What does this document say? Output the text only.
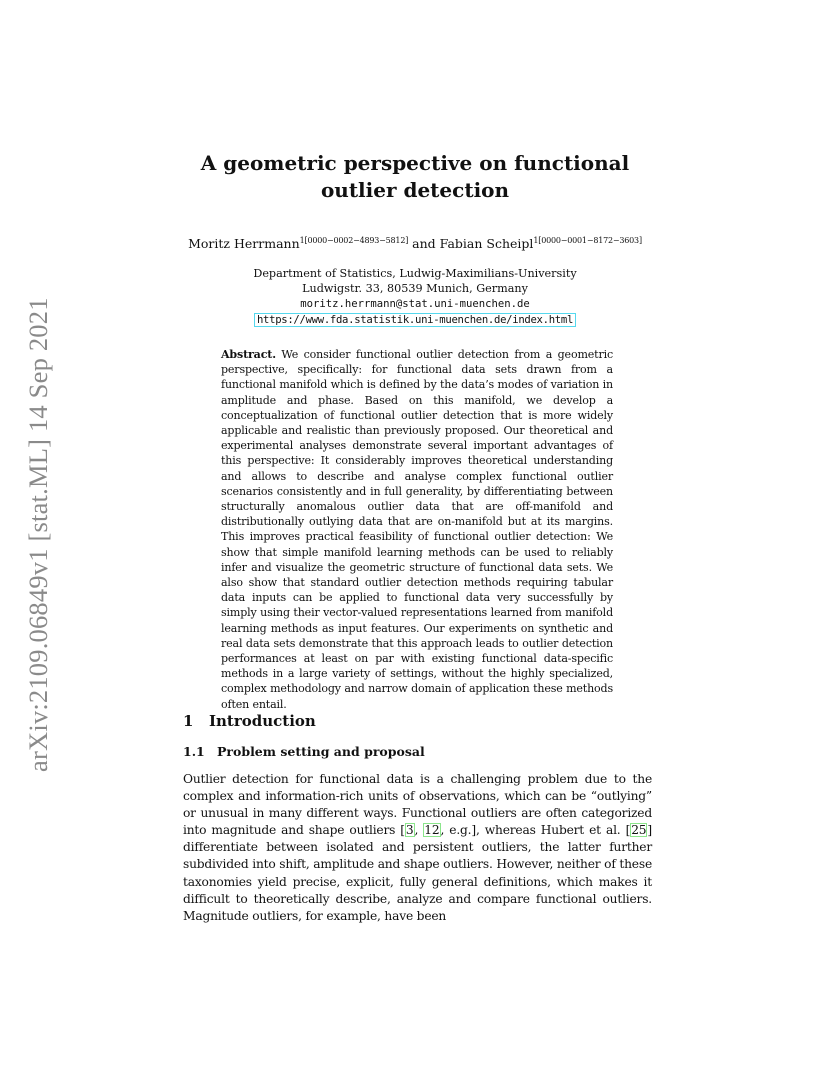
arXiv:2109.06849v1 [stat.ML] 14 Sep 2021
A geometric perspective on functional outlier detection
Moritz Herrmann$^{1[0000-0002-4893-5812]}$ and Fabian Scheipl$^{1[0000-0001-8172-3603]}$
Department of Statistics, Ludwig-Maximilians-University
Ludwigstr. 33, 80539 Munich, Germany
moritz.herrmann@stat.uni-muenchen.de
https://www.fda.statistik.uni-muenchen.de/index.html
Abstract. We consider functional outlier detection from a geometric perspective, specifically: for functional data sets drawn from a functional manifold which is defined by the data’s modes of variation in amplitude and phase. Based on this manifold, we develop a conceptualization of functional outlier detection that is more widely applicable and realistic than previously proposed. Our theoretical and experimental analyses demonstrate several important advantages of this perspective: It considerably improves theoretical understanding and allows to describe and analyse complex functional outlier scenarios consistently and in full generality, by differentiating between structurally anomalous outlier data that are off-manifold and distributionally outlying data that are on-manifold but at its margins. This improves practical feasibility of functional outlier detection: We show that simple manifold learning methods can be used to reliably infer and visualize the geometric structure of functional data sets. We also show that standard outlier detection methods requiring tabular data inputs can be applied to functional data very successfully by simply using their vector-valued representations learned from manifold learning methods as input features. Our experiments on synthetic and real data sets demonstrate that this approach leads to outlier detection performances at least on par with existing functional data-specific methods in a large variety of settings, without the highly specialized, complex methodology and narrow domain of application these methods often entail.
1 Introduction
1.1 Problem setting and proposal
Outlier detection for functional data is a challenging problem due to the complex and information-rich units of observations, which can be “outlying” or unusual in many different ways. Functional outliers are often categorized into magnitude and shape outliers [3, 12, e.g.], whereas Hubert et al. [25] differentiate between isolated and persistent outliers, the latter further subdivided into shift, amplitude and shape outliers. However, neither of these taxonomies yield precise, explicit, fully general definitions, which makes it difficult to theoretically describe, analyze and compare functional outliers. Magnitude outliers, for example, have been
